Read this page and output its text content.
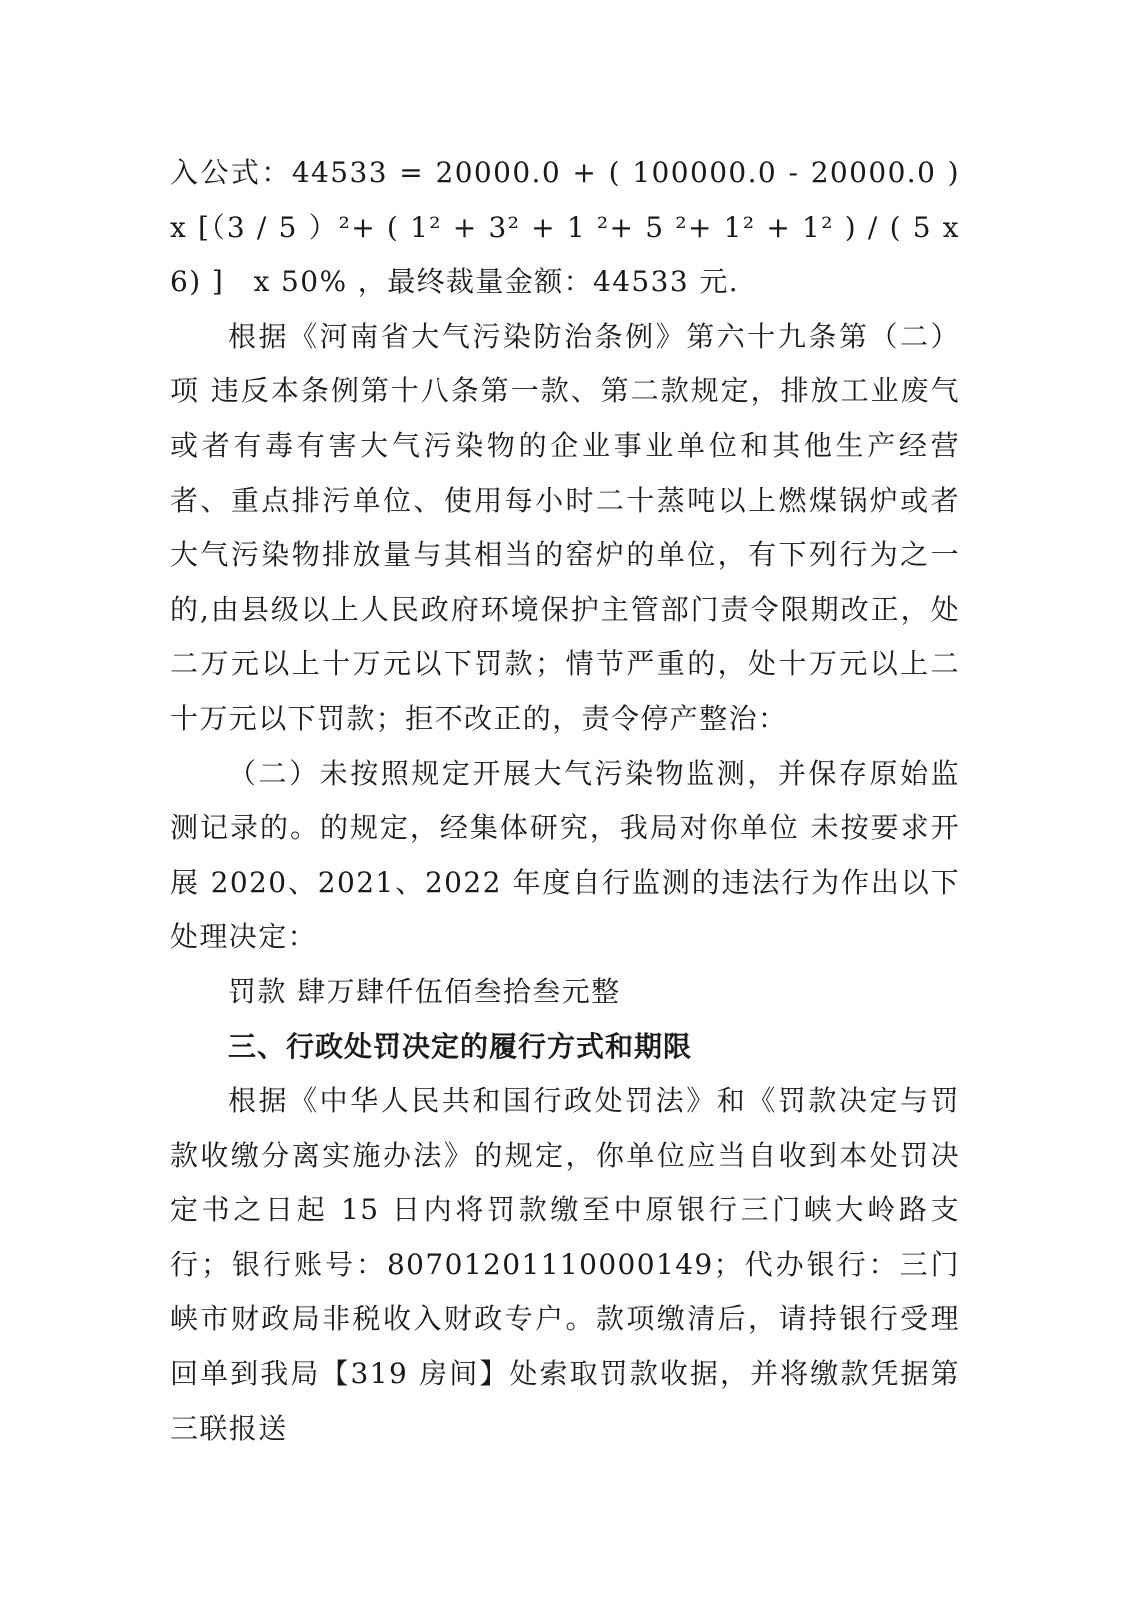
入公式：44533 = 20000.0 + ( 100000.0 - 20000.0 ) x [（3 / 5 ）²+ ( 1² + 3² + 1 ²+ 5 ²+ 1² + 1² ) / ( 5 x 6) ]　x 50% ，最终裁量金额：44533 元.

根据《河南省大气污染防治条例》第六十九条第（二）项 违反本条例第十八条第一款、第二款规定，排放工业废气或者有毒有害大气污染物的企业事业单位和其他生产经营者、重点排污单位、使用每小时二十蒸吨以上燃煤锅炉或者大气污染物排放量与其相当的窑炉的单位，有下列行为之一的,由县级以上人民政府环境保护主管部门责令限期改正，处二万元以上十万元以下罚款；情节严重的，处十万元以上二十万元以下罚款；拒不改正的，责令停产整治：

（二）未按照规定开展大气污染物监测，并保存原始监测记录的。的规定，经集体研究，我局对你单位 未按要求开展 2020、2021、2022 年度自行监测的违法行为作出以下处理决定：

罚款 肆万肆仟伍佰叁拾叁元整

三、行政处罚决定的履行方式和期限

根据《中华人民共和国行政处罚法》和《罚款决定与罚款收缴分离实施办法》的规定，你单位应当自收到本处罚决定书之日起 15 日内将罚款缴至中原银行三门峡大岭路支行；银行账号：80701201110000149；代办银行：三门峡市财政局非税收入财政专户。款项缴清后，请持银行受理回单到我局【319 房间】处索取罚款收据，并将缴款凭据第三联报送
